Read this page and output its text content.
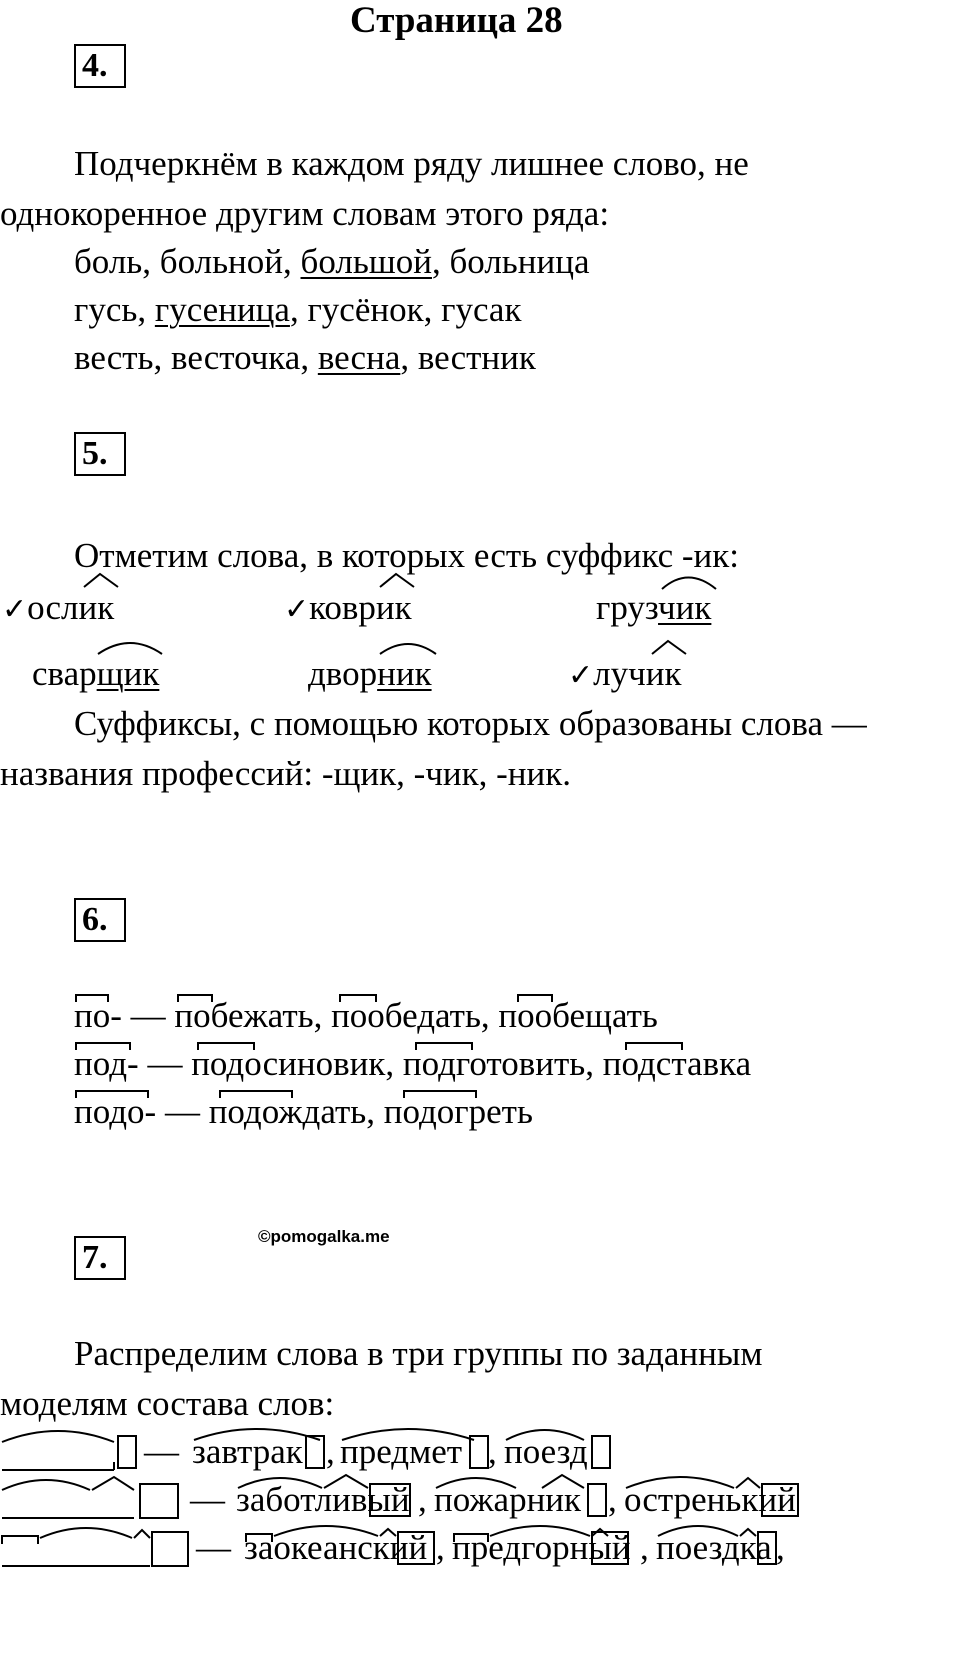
Страница 28
4.
Подчеркнём в каждом ряду лишнее слово, не
однокоренное другим словам этого ряда:
боль, больной, большой, больница
гусь, гусеница, гусёнок, гусак
весть, весточка, весна, вестник
5.
Отметим слова, в которых есть суффикс -ик:
✓ослик	✓коврик	грузчик
сварщик	дворник	✓лучик
Суффиксы, с помощью которых образованы слова —
названия профессий: -щик, -чик, -ник.
6.
по- — побежать, пообедать, пообещать
под- — подосиновик, подготовить, подставка
подо- — подождать, подогреть
7.
©pomogalka.me
Распределим слова в три группы по заданным
моделям состава слов:
— завтрак , предмет , поезд
— заботливый , пожарник , остренький
— заокеанский , предгорный , поездка ,
